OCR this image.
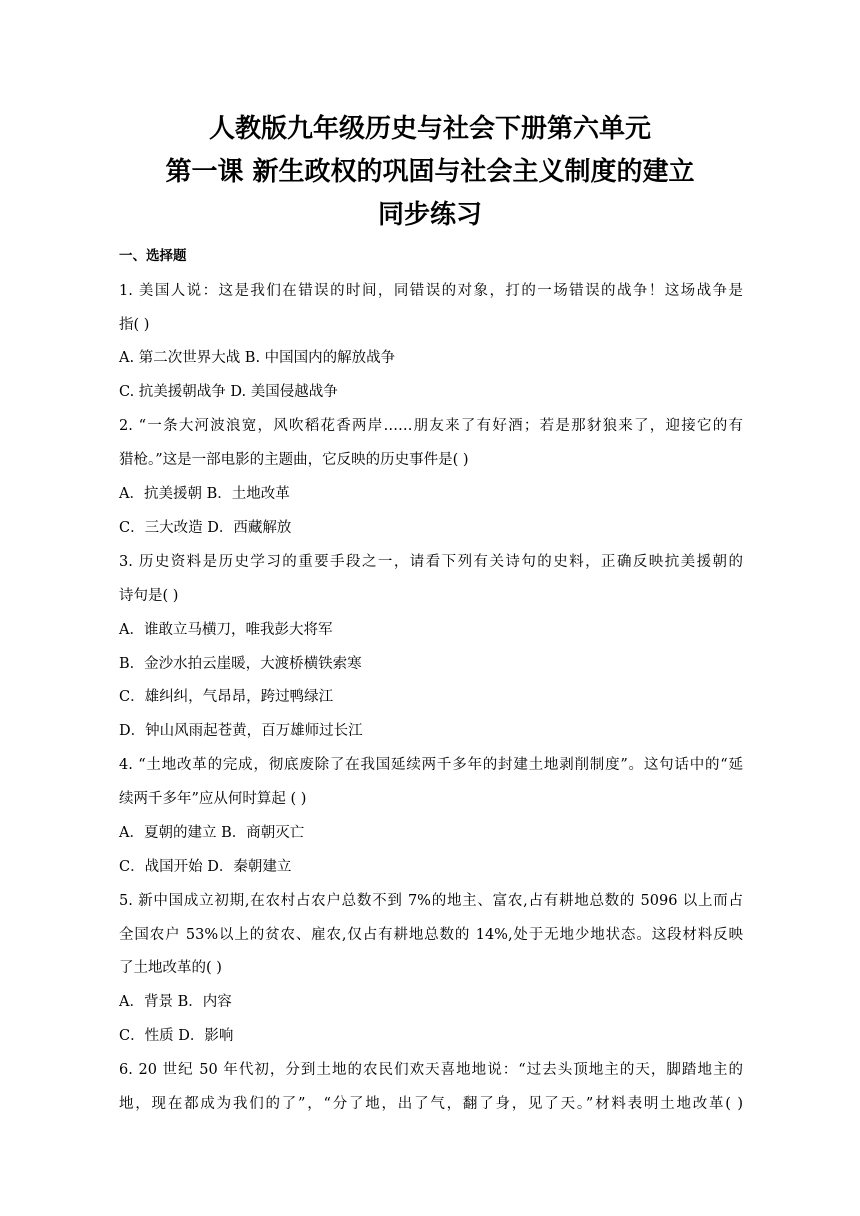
人教版九年级历史与社会下册第六单元
第一课 新生政权的巩固与社会主义制度的建立
同步练习

一、选择题

1. 美国人说：这是我们在错误的时间，同错误的对象，打的一场错误的战争！这场战争是

指( )

A. 第二次世界大战 B. 中国国内的解放战争

C. 抗美援朝战争 D. 美国侵越战争

2. “一条大河波浪宽，风吹稻花香两岸……朋友来了有好酒；若是那豺狼来了，迎接它的有

猎枪。”这是一部电影的主题曲，它反映的历史事件是( )

A．抗美援朝 B．土地改革

C．三大改造 D．西藏解放

3. 历史资料是历史学习的重要手段之一，请看下列有关诗句的史料，正确反映抗美援朝的

诗句是( )

A．谁敢立马横刀，唯我彭大将军

B．金沙水拍云崖暖，大渡桥横铁索寒

C．雄纠纠，气昂昂，跨过鸭绿江

D．钟山风雨起苍黄，百万雄师过长江

4. “土地改革的完成，彻底废除了在我国延续两千多年的封建土地剥削制度”。这句话中的“延

续两千多年”应从何时算起 ( )

A．夏朝的建立 B．商朝灭亡

C．战国开始 D．秦朝建立

5. 新中国成立初期,在农村占农户总数不到 7%的地主、富农,占有耕地总数的 5096 以上而占

全国农户 53%以上的贫农、雇农,仅占有耕地总数的 14%,处于无地少地状态。这段材料反映

了土地改革的( )

A．背景 B．内容

C．性质 D．影响

6. 20 世纪 50 年代初，分到土地的农民们欢天喜地地说：“过去头顶地主的天，脚踏地主的

地，现在都成为我们的了”，“分了地，出了气，翻了身，见了天。”材料表明土地改革( )
